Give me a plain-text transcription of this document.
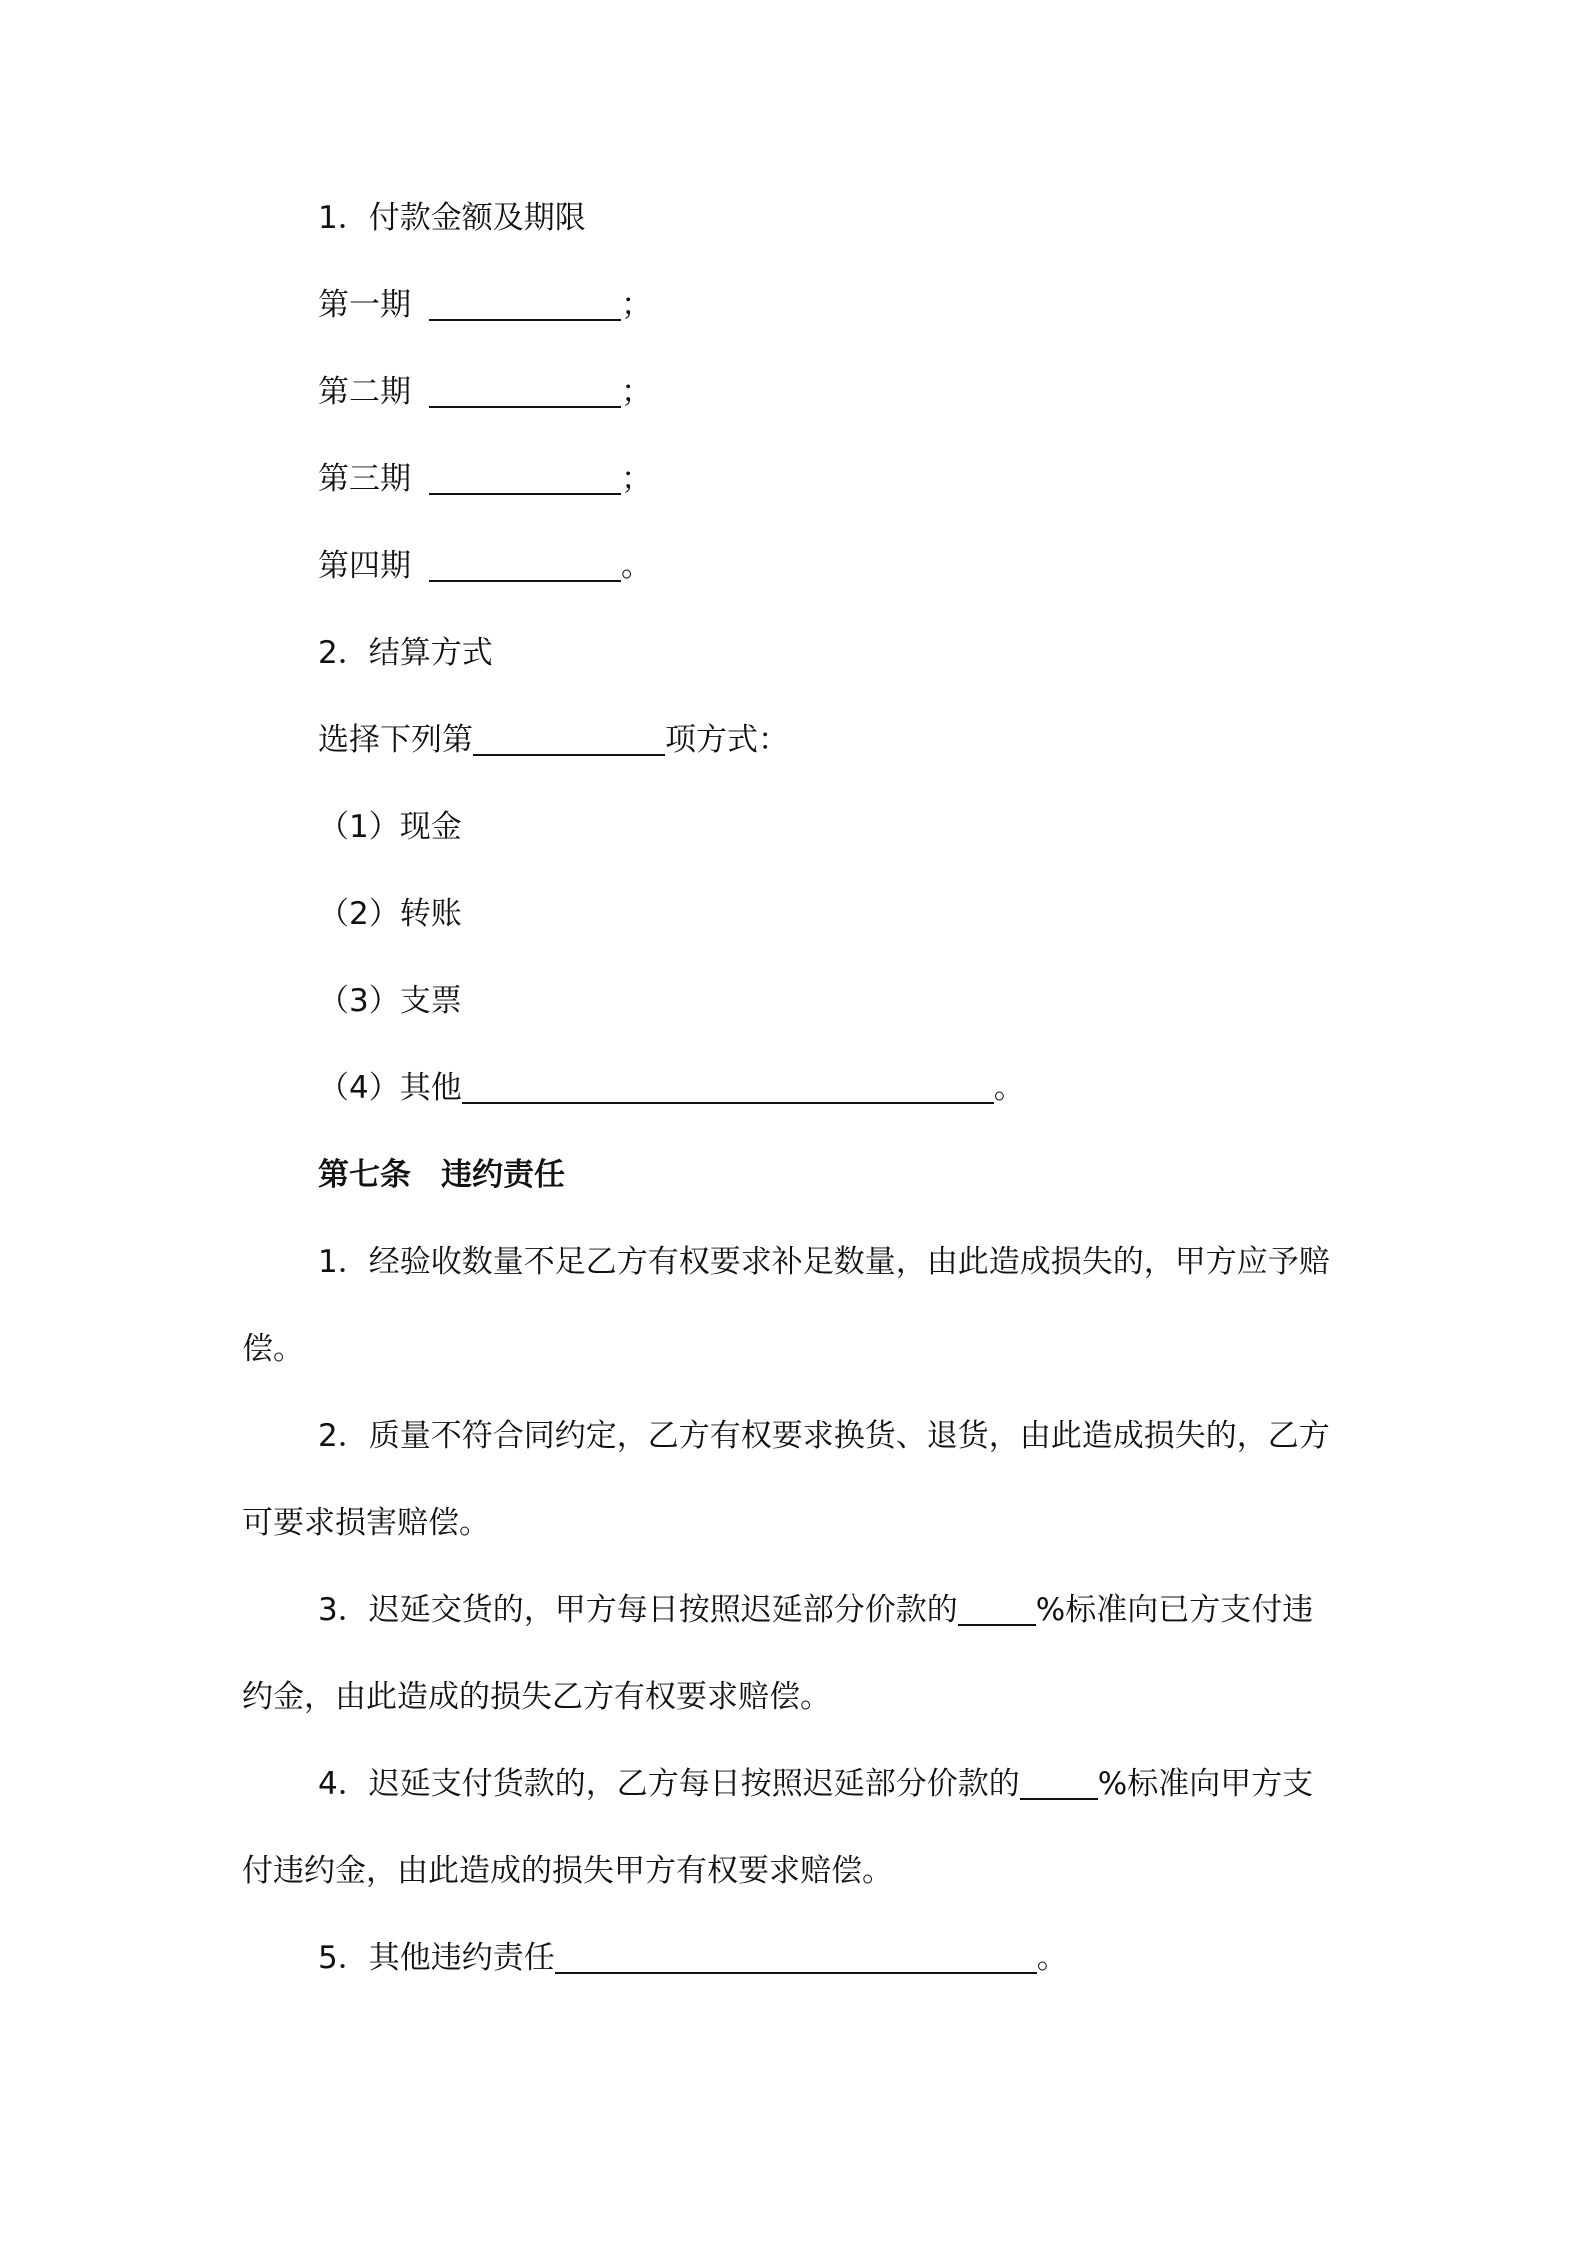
1．付款金额及期限
第一期	；
第二期	；
第三期	；
第四期	。
2．结算方式
选择下列第	项方式：
（1）现金
（2）转账
（3）支票
（4）其他	。
第七条 违约责任
1．经验收数量不足乙方有权要求补足数量，由此造成损失的，甲方应予赔
偿。
2．质量不符合同约定，乙方有权要求换货、退货，由此造成损失的，乙方
可要求损害赔偿。
3．迟延交货的，甲方每日按照迟延部分价款的	%标准向已方支付违
约金，由此造成的损失乙方有权要求赔偿。
4．迟延支付货款的，乙方每日按照迟延部分价款的	%标准向甲方支
付违约金，由此造成的损失甲方有权要求赔偿。
5．其他违约责任	。
